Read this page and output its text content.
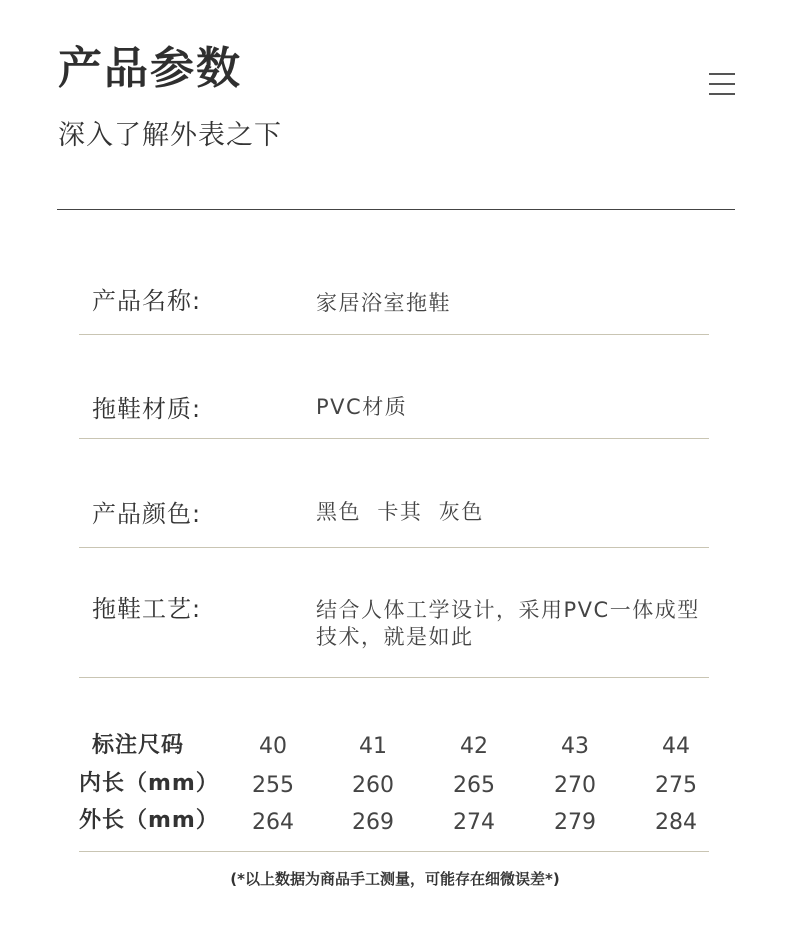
产品参数
深入了解外表之下
产品名称:	家居浴室拖鞋
拖鞋材质:	PVC材质
产品颜色:	黑色  卡其  灰色
拖鞋工艺:	结合人体工学设计，采用PVC一体成型技术，就是如此
标注尺码	40	41	42	43	44
内长（mm）	255	260	265	270	275
外长（mm）	264	269	274	279	284
(*以上数据为商品手工测量，可能存在细微误差*)
